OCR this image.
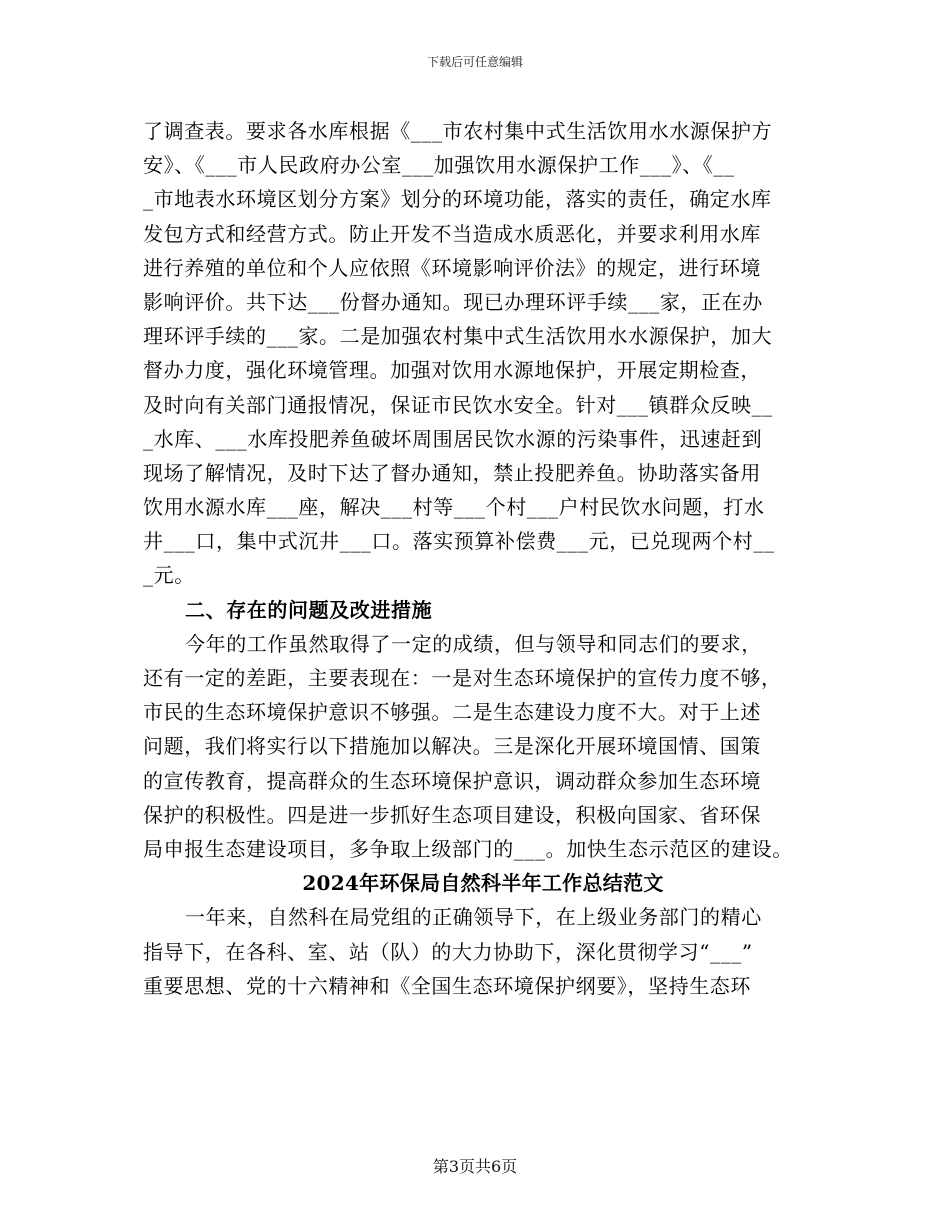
下载后可任意编辑
了调查表。要求各水库根据《___市农村集中式生活饮用水水源保护方
安》、《___市人民政府办公室___加强饮用水源保护工作___》、《__
_市地表水环境区划分方案》划分的环境功能，落实的责任，确定水库
发包方式和经营方式。防止开发不当造成水质恶化，并要求利用水库
进行养殖的单位和个人应依照《环境影响评价法》的规定，进行环境
影响评价。共下达___份督办通知。现已办理环评手续___家，正在办
理环评手续的___家。二是加强农村集中式生活饮用水水源保护，加大
督办力度，强化环境管理。加强对饮用水源地保护，开展定期检查，
及时向有关部门通报情况，保证市民饮水安全。针对___镇群众反映__
_水库、___水库投肥养鱼破坏周围居民饮水源的污染事件，迅速赶到
现场了解情况，及时下达了督办通知，禁止投肥养鱼。协助落实备用
饮用水源水库___座，解决___村等___个村___户村民饮水问题，打水
井___口，集中式沉井___口。落实预算补偿费___元，已兑现两个村__
_元。
二、存在的问题及改进措施
今年的工作虽然取得了一定的成绩，但与领导和同志们的要求，
还有一定的差距，主要表现在：一是对生态环境保护的宣传力度不够，
市民的生态环境保护意识不够强。二是生态建设力度不大。对于上述
问题，我们将实行以下措施加以解决。三是深化开展环境国情、国策
的宣传教育，提高群众的生态环境保护意识，调动群众参加生态环境
保护的积极性。四是进一步抓好生态项目建设，积极向国家、省环保
局申报生态建设项目，多争取上级部门的___。加快生态示范区的建设。
2024年环保局自然科半年工作总结范文
一年来，自然科在局党组的正确领导下，在上级业务部门的精心
指导下，在各科、室、站（队）的大力协助下，深化贯彻学习“___”
重要思想、党的十六精神和《全国生态环境保护纲要》，坚持生态环
第3页共6页
